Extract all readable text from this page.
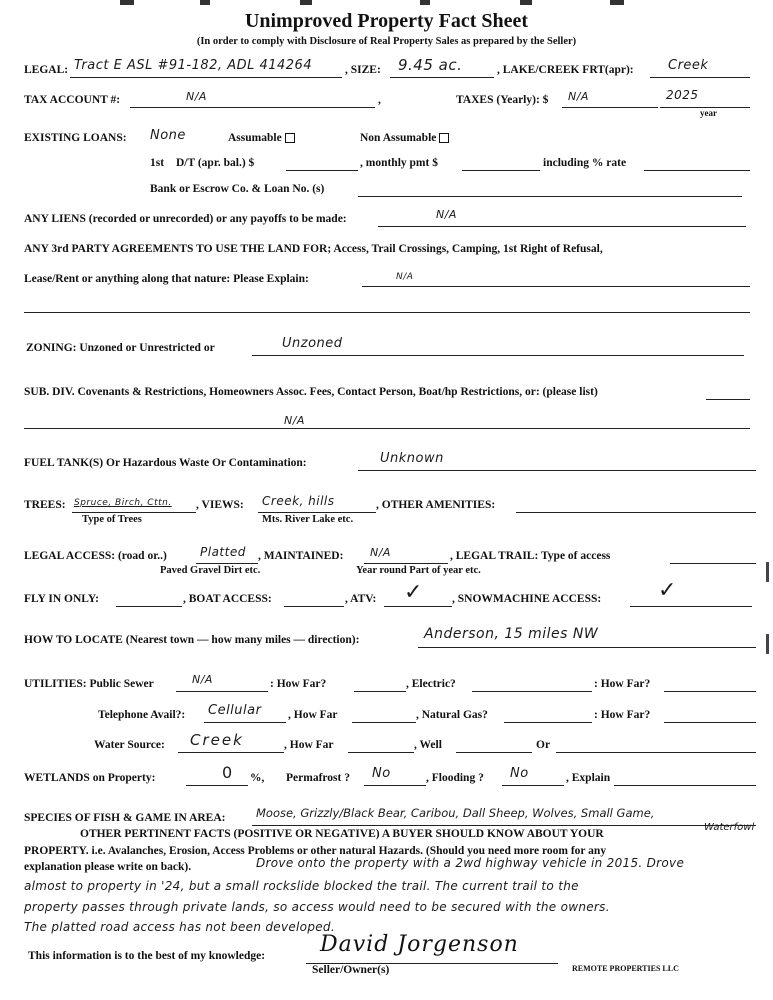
Unimproved Property Fact Sheet
(In order to comply with Disclosure of Real Property Sales as prepared by the Seller)
LEGAL: Tract E ASL #91-182, ADL 414264	, SIZE: 9.45 ac.	, LAKE/CREEK FRT(apr):	Creek
TAX ACCOUNT #:	N/A	,	TAXES (Yearly): $ N/A	2025
year
EXISTING LOANS: None	Assumable	Non Assumable
1st D/T (apr. bal.) $	, monthly pmt $	including % rate
Bank or Escrow Co. & Loan No. (s)
ANY LIENS (recorded or unrecorded) or any payoffs to be made:	N/A
ANY 3rd PARTY AGREEMENTS TO USE THE LAND FOR; Access, Trail Crossings, Camping, 1st Right of Refusal,
Lease/Rent or anything along that nature: Please Explain:	N/A
ZONING: Unzoned or Unrestricted or	Unzoned
SUB. DIV. Covenants & Restrictions, Homeowners Assoc. Fees, Contact Person, Boat/hp Restrictions, or: (please list)
N/A
FUEL TANK(S) Or Hazardous Waste Or Contamination:	Unknown
TREES: Spruce, Birch, Cttn.
Type of Trees
, VIEWS: Creek, hills
Mts. River Lake etc.
, OTHER AMENITIES:
LEGAL ACCESS: (road or..)	Platted
Paved Gravel Dirt etc.
, MAINTAINED: N/A
Year round Part of year etc.
, LEGAL TRAIL: Type of access
FLY IN ONLY:	, BOAT ACCESS:	, ATV: ✓	, SNOWMACHINE ACCESS:	✓
HOW TO LOCATE (Nearest town — how many miles — direction):	Anderson, 15 miles NW
UTILITIES: Public Sewer	N/A	: How Far?	, Electric?	: How Far?
Telephone Avail?: Cellular , How Far	, Natural Gas?	: How Far?
Water Source: Creek	, How Far	, Well	Or
WETLANDS on Property:	0 %, Permafrost ? No	, Flooding ? No	, Explain
SPECIES OF FISH & GAME IN AREA:	Moose, Grizzly/Black Bear, Caribou, Dall Sheep, Wolves, Small Game,
Waterfowl
OTHER PERTINENT FACTS (POSITIVE OR NEGATIVE) A BUYER SHOULD KNOW ABOUT YOUR
PROPERTY. i.e. Avalanches, Erosion, Access Problems or other natural Hazards. (Should you need more room for any
explanation please write on back).	Drove onto the property with a 2wd highway vehicle in 2015. Drove
almost to property in '24, but a small rockslide blocked the trail. The current trail to the
property passes through private lands, so access would need to be secured with the owners.
The platted road access has not been developed.
This information is to the best of my knowledge: David Jorgenson
Seller/Owner(s)	REMOTE PROPERTIES LLC
